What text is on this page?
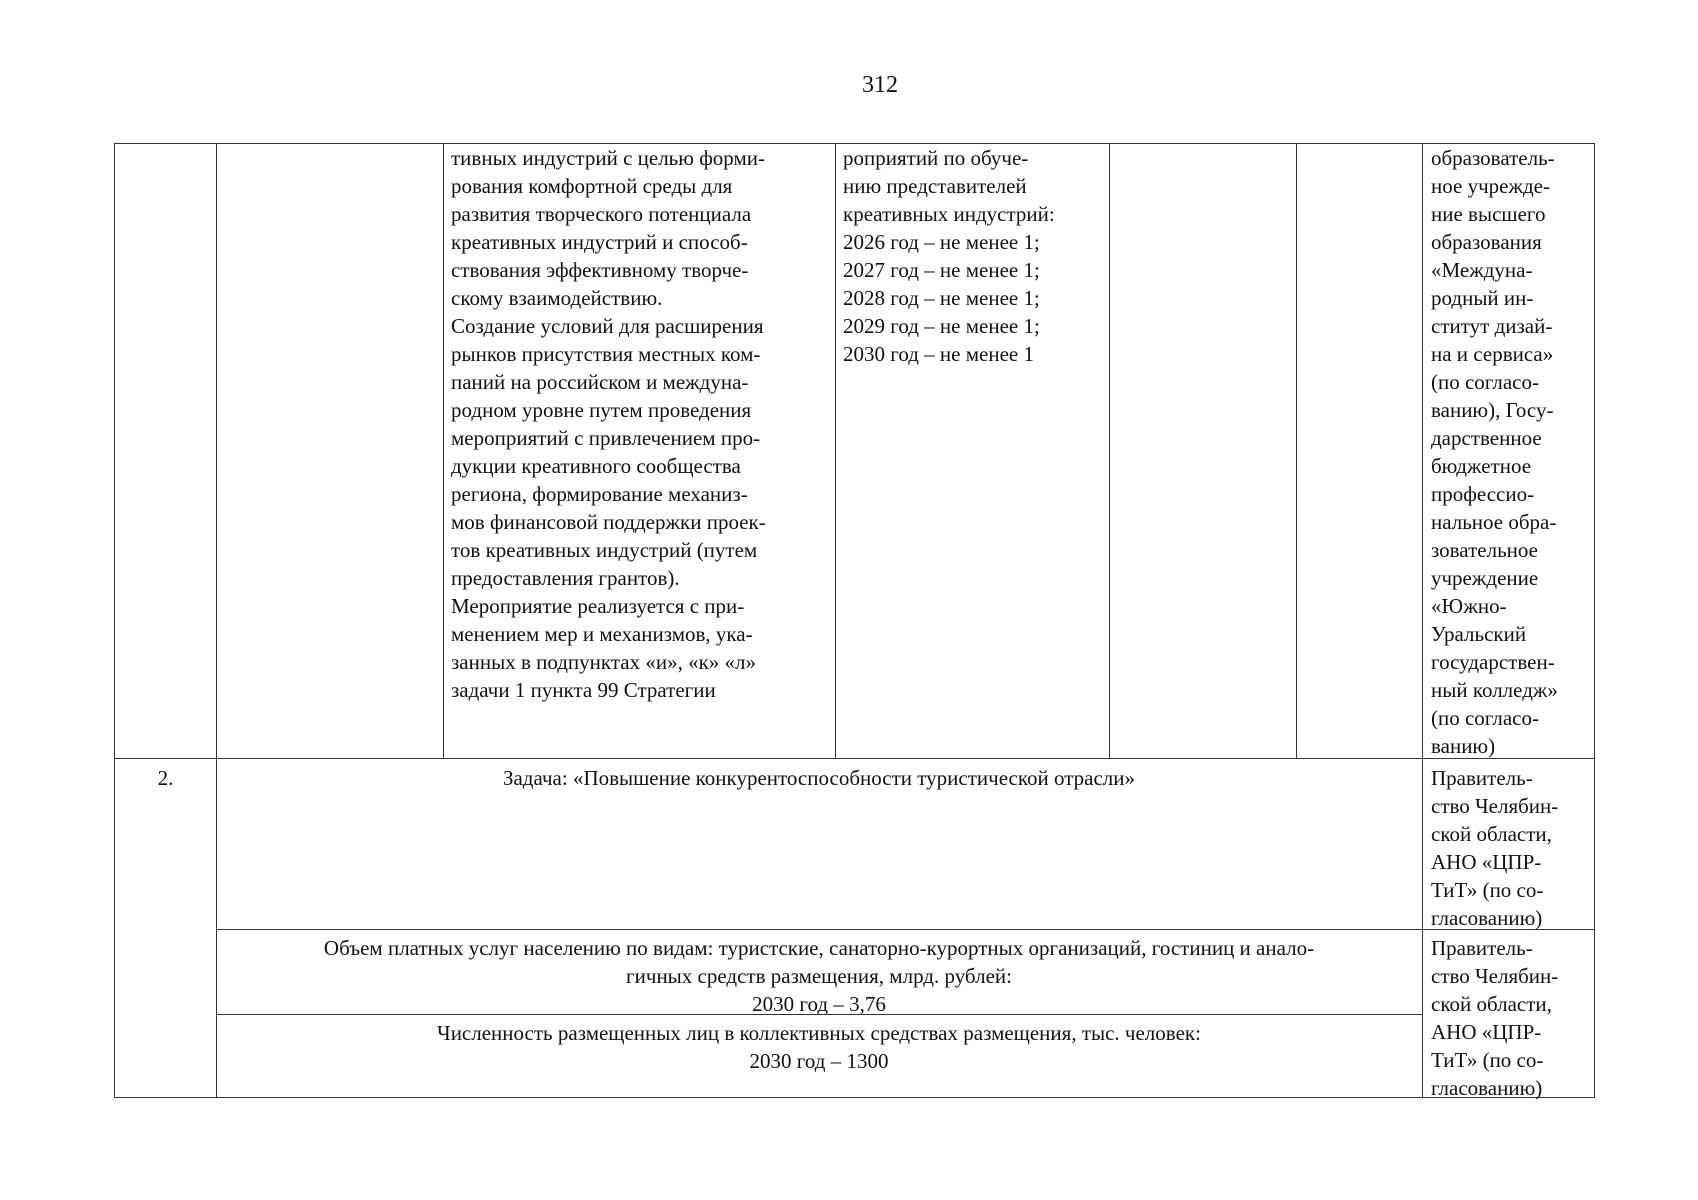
312
тивных индустрий с целью форми-
рования комфортной среды для
развития творческого потенциала
креативных индустрий и способ-
ствования эффективному творче-
скому взаимодействию.
Создание условий для расширения
рынков присутствия местных ком-
паний на российском и междуна-
родном уровне путем проведения
мероприятий с привлечением про-
дукции креативного сообщества
региона, формирование механиз-
мов финансовой поддержки проек-
тов креативных индустрий (путем
предоставления грантов).
Мероприятие реализуется с при-
менением мер и механизмов, ука-
занных в подпунктах «и», «к» «л»
задачи 1 пункта 99 Стратегии
роприятий по обуче-
нию представителей
креативных индустрий:
2026 год – не менее 1;
2027 год – не менее 1;
2028 год – не менее 1;
2029 год – не менее 1;
2030 год – не менее 1
образователь-
ное учрежде-
ние высшего
образования
«Междуна-
родный ин-
ститут дизай-
на и сервиса»
(по согласо-
ванию), Госу-
дарственное
бюджетное
профессио-
нальное обра-
зовательное
учреждение
«Южно-
Уральский
государствен-
ный колледж»
(по согласо-
ванию)
2.	Задача: «Повышение конкурентоспособности туристической отрасли»	Правитель-
ство Челябин-
ской области,
АНО «ЦПР-
ТиТ» (по со-
гласованию)
Объем платных услуг населению по видам: туристские, санаторно-курортных организаций, гостиниц и анало-
гичных средств размещения, млрд. рублей:
2030 год – 3,76
Численность размещенных лиц в коллективных средствах размещения, тыс. человек:
2030 год – 1300
Правитель-
ство Челябин-
ской области,
АНО «ЦПР-
ТиТ» (по со-
гласованию)
